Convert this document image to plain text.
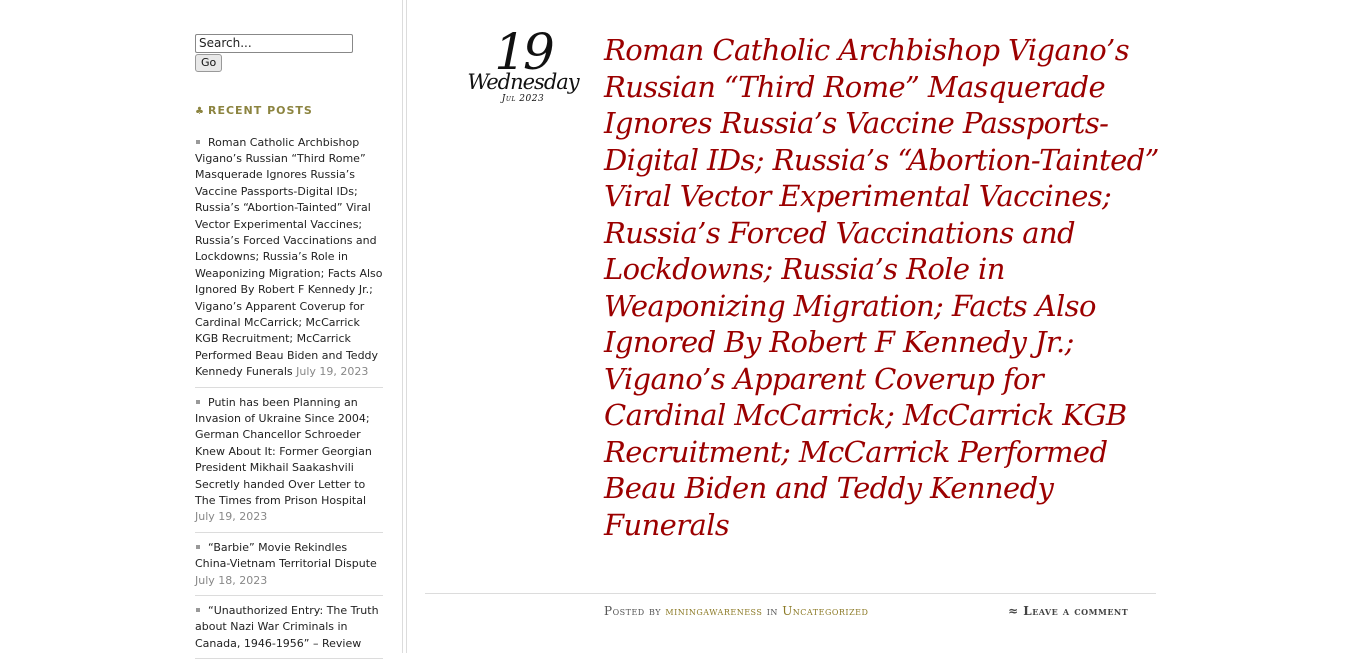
Search...
Go
♣ RECENT POSTS
Roman Catholic Archbishop Vigano’s Russian “Third Rome” Masquerade Ignores Russia’s Vaccine Passports-Digital IDs; Russia’s “Abortion-Tainted” Viral Vector Experimental Vaccines; Russia’s Forced Vaccinations and Lockdowns; Russia’s Role in Weaponizing Migration; Facts Also Ignored By Robert F Kennedy Jr.; Vigano’s Apparent Coverup for Cardinal McCarrick; McCarrick KGB Recruitment; McCarrick Performed Beau Biden and Teddy Kennedy Funerals July 19, 2023
Putin has been Planning an Invasion of Ukraine Since 2004; German Chancellor Schroeder Knew About It: Former Georgian President Mikhail Saakashvili Secretly handed Over Letter to The Times from Prison Hospital July 19, 2023
“Barbie” Movie Rekindles China-Vietnam Territorial Dispute July 18, 2023
“Unauthorized Entry: The Truth about Nazi War Criminals in Canada, 1946-1956” – Review
19
Wednesday
Jul 2023
Roman Catholic Archbishop Vigano’s Russian “Third Rome” Masquerade Ignores Russia’s Vaccine Passports-Digital IDs; Russia’s “Abortion-Tainted” Viral Vector Experimental Vaccines; Russia’s Forced Vaccinations and Lockdowns; Russia’s Role in Weaponizing Migration; Facts Also Ignored By Robert F Kennedy Jr.; Vigano’s Apparent Coverup for Cardinal McCarrick; McCarrick KGB Recruitment; McCarrick Performed Beau Biden and Teddy Kennedy Funerals
Posted by miningawareness in Uncategorized	≈ Leave a comment
